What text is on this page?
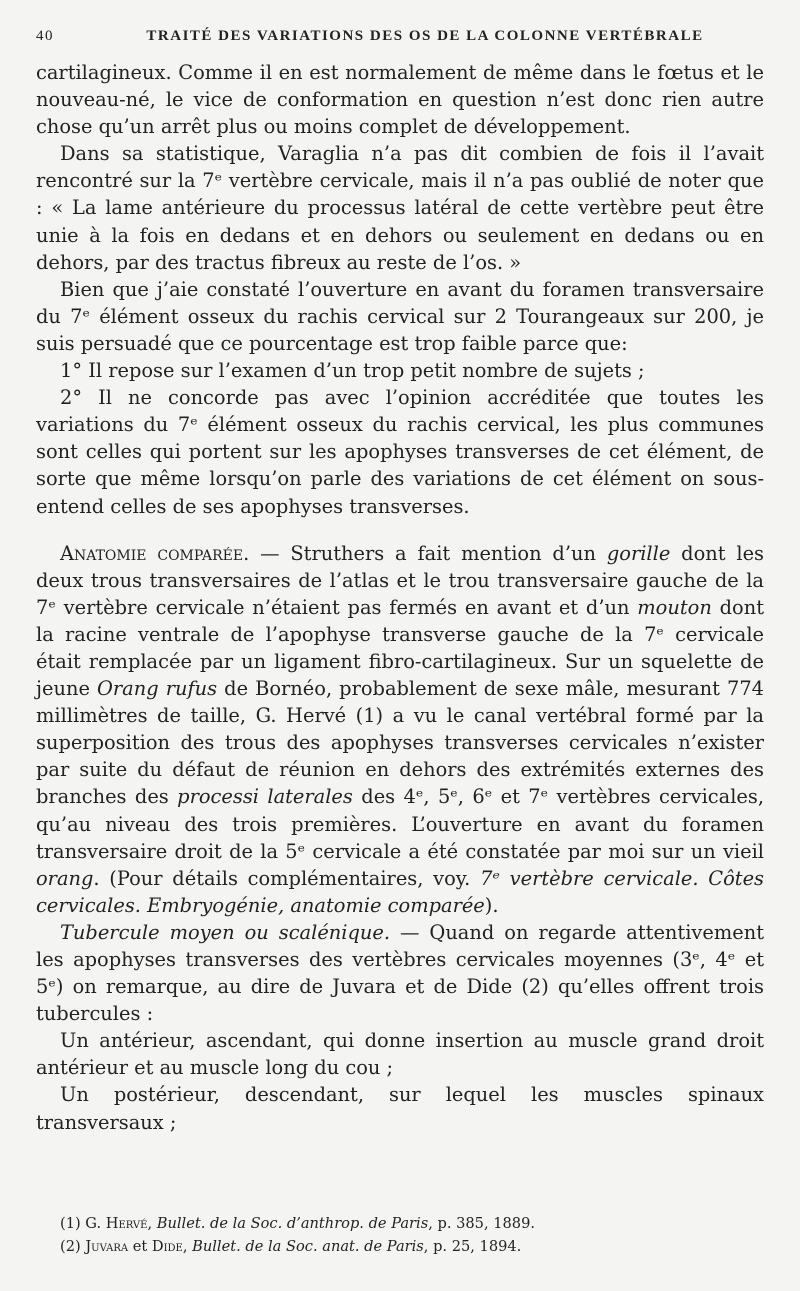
40	TRAITÉ DES VARIATIONS DES OS DE LA COLONNE VERTÉBRALE

cartilagineux. Comme il en est normalement de même dans le fœtus et le nouveau-né, le vice de conformation en question n’est donc rien autre chose qu’un arrêt plus ou moins complet de développement.

Dans sa statistique, Varaglia n’a pas dit combien de fois il l’avait rencontré sur la 7ᵉ vertèbre cervicale, mais il n’a pas oublié de noter que : « La lame antérieure du processus latéral de cette vertèbre peut être unie à la fois en dedans et en dehors ou seulement en dedans ou en dehors, par des tractus fibreux au reste de l’os. »

Bien que j’aie constaté l’ouverture en avant du foramen transversaire du 7ᵉ élément osseux du rachis cervical sur 2 Tourangeaux sur 200, je suis persuadé que ce pourcentage est trop faible parce que:

1° Il repose sur l’examen d’un trop petit nombre de sujets ;

2° Il ne concorde pas avec l’opinion accréditée que toutes les variations du 7ᵉ élément osseux du rachis cervical, les plus communes sont celles qui portent sur les apophyses transverses de cet élément, de sorte que même lorsqu’on parle des variations de cet élément on sous-entend celles de ses apophyses transverses.

Anatomie comparée. — Struthers a fait mention d’un gorille dont les deux trous transversaires de l’atlas et le trou transversaire gauche de la 7ᵉ vertèbre cervicale n’étaient pas fermés en avant et d’un mouton dont la racine ventrale de l’apophyse transverse gauche de la 7ᵉ cervicale était remplacée par un ligament fibro-cartilagineux. Sur un squelette de jeune Orang rufus de Bornéo, probablement de sexe mâle, mesurant 774 millimètres de taille, G. Hervé (1) a vu le canal vertébral formé par la superposition des trous des apophyses transverses cervicales n’exister par suite du défaut de réunion en dehors des extrémités externes des branches des processi laterales des 4ᵉ, 5ᵉ, 6ᵉ et 7ᵉ vertèbres cervicales, qu’au niveau des trois premières. L’ouverture en avant du foramen transversaire droit de la 5ᵉ cervicale a été constatée par moi sur un vieil orang. (Pour détails complémentaires, voy. 7ᵉ vertèbre cervicale. Côtes cervicales. Embryogénie, anatomie comparée).

Tubercule moyen ou scalénique. — Quand on regarde attentivement les apophyses transverses des vertèbres cervicales moyennes (3ᵉ, 4ᵉ et 5ᵉ) on remarque, au dire de Juvara et de Dide (2) qu’elles offrent trois tubercules :

Un antérieur, ascendant, qui donne insertion au muscle grand droit antérieur et au muscle long du cou ;

Un postérieur, descendant, sur lequel les muscles spinaux transversaux ;

(1) G. Hervé, Bullet. de la Soc. d’anthrop. de Paris, p. 385, 1889.

(2) Juvara et Dide, Bullet. de la Soc. anat. de Paris, p. 25, 1894.
